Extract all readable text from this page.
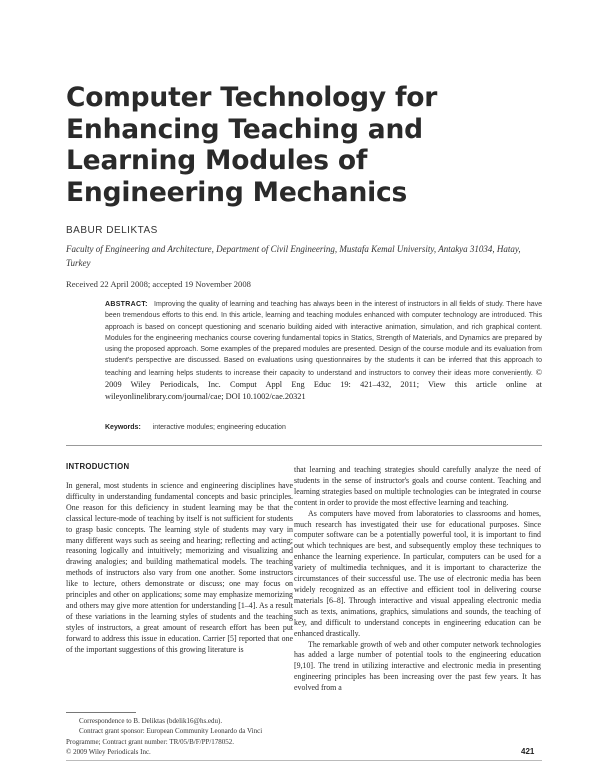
Computer Technology for
Enhancing Teaching and
Learning Modules of
Engineering Mechanics
BABUR DELIKTAS
Faculty of Engineering and Architecture, Department of Civil Engineering, Mustafa Kemal University, Antakya 31034, Hatay, Turkey
Received 22 April 2008; accepted 19 November 2008
ABSTRACT: Improving the quality of learning and teaching has always been in the interest of instructors in all fields of study. There have been tremendous efforts to this end. In this article, learning and teaching modules enhanced with computer technology are introduced. This approach is based on concept questioning and scenario building aided with interactive animation, simulation, and rich graphical content. Modules for the engineering mechanics course covering fundamental topics in Statics, Strength of Materials, and Dynamics are prepared by using the proposed approach. Some examples of the prepared modules are presented. Design of the course module and its evaluation from student's perspective are discussed. Based on evaluations using questionnaires by the students it can be inferred that this approach to teaching and learning helps students to increase their capacity to understand and instructors to convey their ideas more conveniently. © 2009 Wiley Periodicals, Inc. Comput Appl Eng Educ 19: 421–432, 2011; View this article online at wileyonlinelibrary.com/journal/cae; DOI 10.1002/cae.20321
Keywords: interactive modules; engineering education
INTRODUCTION

In general, most students in science and engineering disciplines have difficulty in understanding fundamental concepts and basic principles. One reason for this deficiency in student learning may be that the classical lecture-mode of teaching by itself is not sufficient for students to grasp basic concepts. The learning style of students may vary in many different ways such as seeing and hearing; reflecting and acting; reasoning logically and intuitively; memorizing and visualizing and drawing analogies; and building mathematical models. The teaching methods of instructors also vary from one another. Some instructors like to lecture, others demonstrate or discuss; one may focus on principles and other on applications; some may emphasize memorizing and others may give more attention for understanding [1–4]. As a result of these variations in the learning styles of students and the teaching styles of instructors, a great amount of research effort has been put forward to address this issue in education. Carrier [5] reported that one of the important suggestions of this growing literature is

that learning and teaching strategies should carefully analyze the need of students in the sense of instructor's goals and course content. Teaching and learning strategies based on multiple technologies can be integrated in course content in order to provide the most effective learning and teaching.

As computers have moved from laboratories to classrooms and homes, much research has investigated their use for educational purposes. Since computer software can be a potentially powerful tool, it is important to find out which techniques are best, and subsequently employ these techniques to enhance the learning experience. In particular, computers can be used for a variety of multimedia techniques, and it is important to characterize the circumstances of their successful use. The use of electronic media has been widely recognized as an effective and efficient tool in delivering course materials [6–8]. Through interactive and visual appealing electronic media such as texts, animations, graphics, simulations and sounds, the teaching of key, and difficult to understand concepts in engineering education can be enhanced drastically.

The remarkable growth of web and other computer network technologies has added a large number of potential tools to the engineering education [9,10]. The trend in utilizing interactive and electronic media in presenting engineering principles has been increasing over the past few years. It has evolved from a

Correspondence to B. Deliktas (bdelik16@hs.edu).

Contract grant sponsor: European Community Leonardo da Vinci Programme; Contract grant number: TR/05/B/F/PP/178052.

© 2009 Wiley Periodicals Inc.	421
